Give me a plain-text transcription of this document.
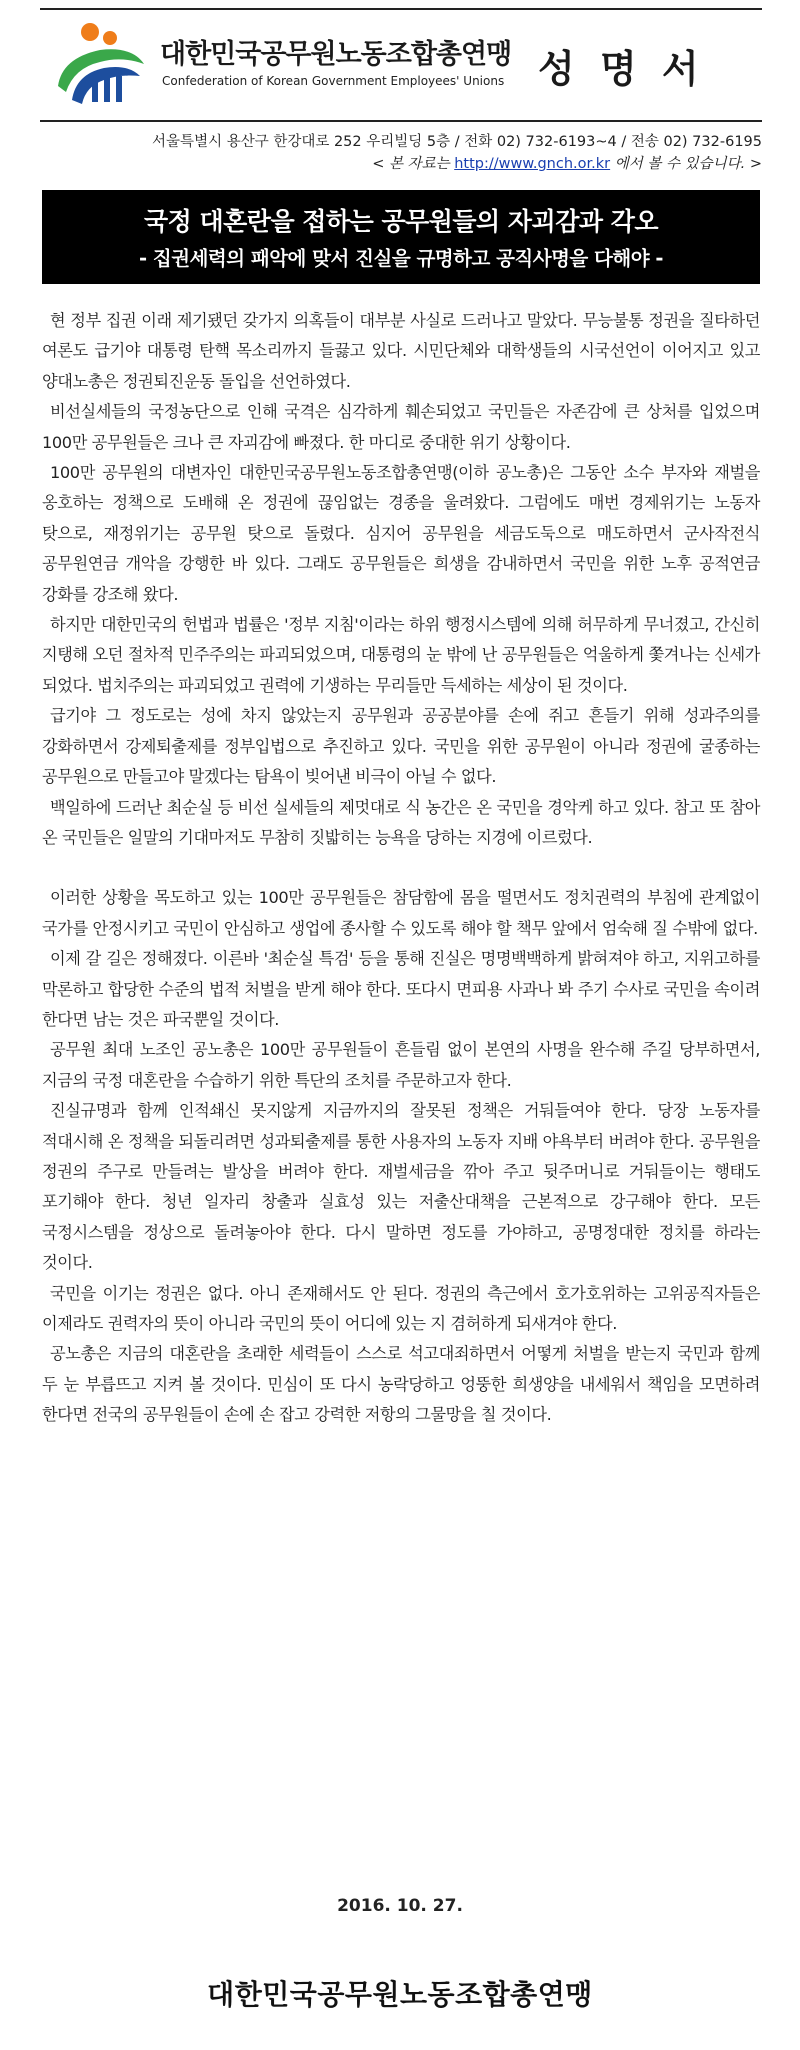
대한민국공무원노동조합총연맹
Confederation of Korean Government Employees' Unions 성 명 서
서울특별시 용산구 한강대로 252 우리빌딩 5층 / 전화 02) 732-6193~4 / 전송 02) 732-6195
< 본 자료는 http://www.gnch.or.kr 에서 볼 수 있습니다. >
국정 대혼란을 접하는 공무원들의 자괴감과 각오
- 집권세력의 패악에 맞서 진실을 규명하고 공직사명을 다해야 -

현 정부 집권 이래 제기됐던 갖가지 의혹들이 대부분 사실로 드러나고 말았다. 무능불통 정권을 질타하던 여론도 급기야 대통령 탄핵 목소리까지 들끓고 있다. 시민단체와 대학생들의 시국선언이 이어지고 있고 양대노총은 정권퇴진운동 돌입을 선언하였다.

비선실세들의 국정농단으로 인해 국격은 심각하게 훼손되었고 국민들은 자존감에 큰 상처를 입었으며 100만 공무원들은 크나 큰 자괴감에 빠졌다. 한 마디로 중대한 위기 상황이다.

100만 공무원의 대변자인 대한민국공무원노동조합총연맹(이하 공노총)은 그동안 소수 부자와 재벌을 옹호하는 정책으로 도배해 온 정권에 끊임없는 경종을 울려왔다. 그럼에도 매번 경제위기는 노동자 탓으로, 재정위기는 공무원 탓으로 돌렸다. 심지어 공무원을 세금도둑으로 매도하면서 군사작전식 공무원연금 개악을 강행한 바 있다. 그래도 공무원들은 희생을 감내하면서 국민을 위한 노후 공적연금 강화를 강조해 왔다.

하지만 대한민국의 헌법과 법률은 '정부 지침'이라는 하위 행정시스템에 의해 허무하게 무너졌고, 간신히 지탱해 오던 절차적 민주주의는 파괴되었으며, 대통령의 눈 밖에 난 공무원들은 억울하게 쫓겨나는 신세가 되었다. 법치주의는 파괴되었고 권력에 기생하는 무리들만 득세하는 세상이 된 것이다.

급기야 그 정도로는 성에 차지 않았는지 공무원과 공공분야를 손에 쥐고 흔들기 위해 성과주의를 강화하면서 강제퇴출제를 정부입법으로 추진하고 있다. 국민을 위한 공무원이 아니라 정권에 굴종하는 공무원으로 만들고야 말겠다는 탐욕이 빚어낸 비극이 아닐 수 없다.

백일하에 드러난 최순실 등 비선 실세들의 제멋대로 식 농간은 온 국민을 경악케 하고 있다. 참고 또 참아 온 국민들은 일말의 기대마저도 무참히 짓밟히는 능욕을 당하는 지경에 이르렀다.

이러한 상황을 목도하고 있는 100만 공무원들은 참담함에 몸을 떨면서도 정치권력의 부침에 관계없이 국가를 안정시키고 국민이 안심하고 생업에 종사할 수 있도록 해야 할 책무 앞에서 엄숙해 질 수밖에 없다.

이제 갈 길은 정해졌다. 이른바 '최순실 특검' 등을 통해 진실은 명명백백하게 밝혀져야 하고, 지위고하를 막론하고 합당한 수준의 법적 처벌을 받게 해야 한다. 또다시 면피용 사과나 봐 주기 수사로 국민을 속이려 한다면 남는 것은 파국뿐일 것이다.

공무원 최대 노조인 공노총은 100만 공무원들이 흔들림 없이 본연의 사명을 완수해 주길 당부하면서, 지금의 국정 대혼란을 수습하기 위한 특단의 조치를 주문하고자 한다.

진실규명과 함께 인적쇄신 못지않게 지금까지의 잘못된 정책은 거둬들여야 한다. 당장 노동자를 적대시해 온 정책을 되돌리려면 성과퇴출제를 통한 사용자의 노동자 지배 야욕부터 버려야 한다. 공무원을 정권의 주구로 만들려는 발상을 버려야 한다. 재벌세금을 깎아 주고 뒷주머니로 거둬들이는 행태도 포기해야 한다. 청년 일자리 창출과 실효성 있는 저출산대책을 근본적으로 강구해야 한다. 모든 국정시스템을 정상으로 돌려놓아야 한다. 다시 말하면 정도를 가야하고, 공명정대한 정치를 하라는 것이다.

국민을 이기는 정권은 없다. 아니 존재해서도 안 된다. 정권의 측근에서 호가호위하는 고위공직자들은 이제라도 권력자의 뜻이 아니라 국민의 뜻이 어디에 있는 지 겸허하게 되새겨야 한다.

공노총은 지금의 대혼란을 초래한 세력들이 스스로 석고대죄하면서 어떻게 처벌을 받는지 국민과 함께 두 눈 부릅뜨고 지켜 볼 것이다. 민심이 또 다시 농락당하고 엉뚱한 희생양을 내세워서 책임을 모면하려 한다면 전국의 공무원들이 손에 손 잡고 강력한 저항의 그물망을 칠 것이다.

2016. 10. 27.
대한민국공무원노동조합총연맹
